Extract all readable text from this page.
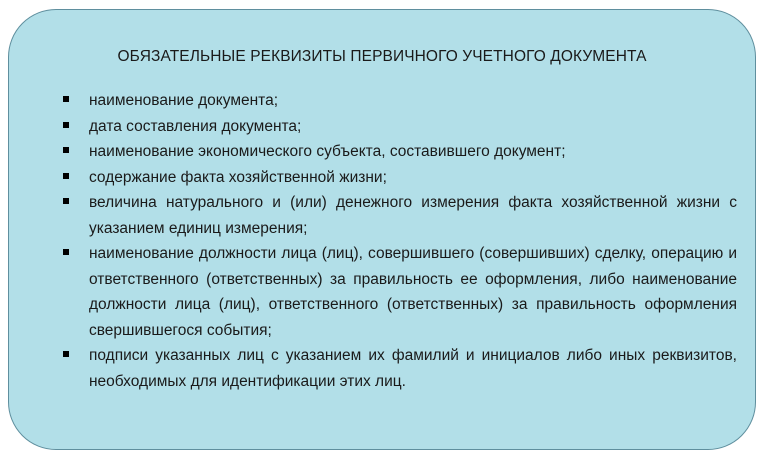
ОБЯЗАТЕЛЬНЫЕ РЕКВИЗИТЫ ПЕРВИЧНОГО УЧЕТНОГО ДОКУМЕНТА
наименование документа;
дата составления документа;
наименование экономического субъекта, составившего документ;
содержание факта хозяйственной жизни;
величина натурального и (или) денежного измерения факта хозяйственной жизни с указанием единиц измерения;
наименование должности лица (лиц), совершившего (совершивших) сделку, операцию и ответственного (ответственных) за правильность ее оформления, либо наименование должности лица (лиц), ответственного (ответственных) за правильность оформления свершившегося события;
подписи указанных лиц с указанием их фамилий и инициалов либо иных реквизитов, необходимых для идентификации этих лиц.
